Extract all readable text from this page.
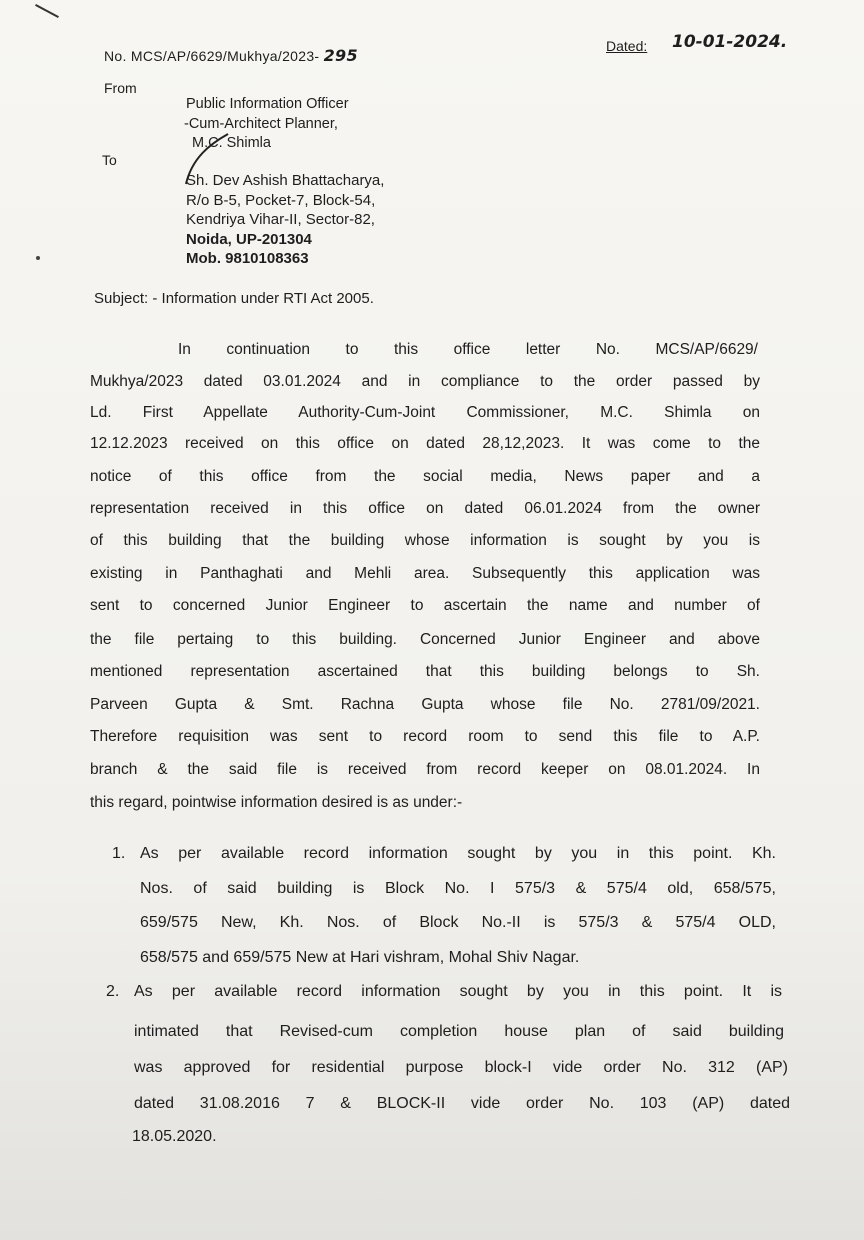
No. MCS/AP/6629/Mukhya/2023- 295	Dated: 10-01-2024.
From
Public Information Officer
-Cum-Architect Planner,
M.C. Shimla
To
Sh. Dev Ashish Bhattacharya,
R/o B-5, Pocket-7, Block-54,
Kendriya Vihar-II, Sector-82,
Noida, UP-201304
Mob. 9810108363
Subject: - Information under RTI Act 2005.
In continuation to this office letter No. MCS/AP/6629/
Mukhya/2023 dated 03.01.2024 and in compliance to the order passed by
Ld. First Appellate Authority-Cum-Joint Commissioner, M.C. Shimla on
12.12.2023 received on this office on dated 28,12,2023. It was come to the
notice of this office from the social media, News paper and a
representation received in this office on dated 06.01.2024 from the owner
of this building that the building whose information is sought by you is
existing in Panthaghati and Mehli area. Subsequently this application was
sent to concerned Junior Engineer to ascertain the name and number of
the file pertaing to this building. Concerned Junior Engineer and above
mentioned representation ascertained that this building belongs to Sh.
Parveen Gupta & Smt. Rachna Gupta whose file No. 2781/09/2021.
Therefore requisition was sent to record room to send this file to A.P.
branch & the said file is received from record keeper on 08.01.2024. In
this regard, pointwise information desired is as under:-
1. As per available record information sought by you in this point. Kh.
Nos. of said building is Block No. I 575/3 & 575/4 old, 658/575,
659/575 New, Kh. Nos. of Block No.-II is 575/3 & 575/4 OLD,
658/575 and 659/575 New at Hari vishram, Mohal Shiv Nagar.
2. As per available record information sought by you in this point. It is
intimated that Revised-cum completion house plan of said building
was approved for residential purpose block-I vide order No. 312 (AP)
dated 31.08.2016 7 & BLOCK-II vide order No. 103 (AP) dated
18.05.2020.
